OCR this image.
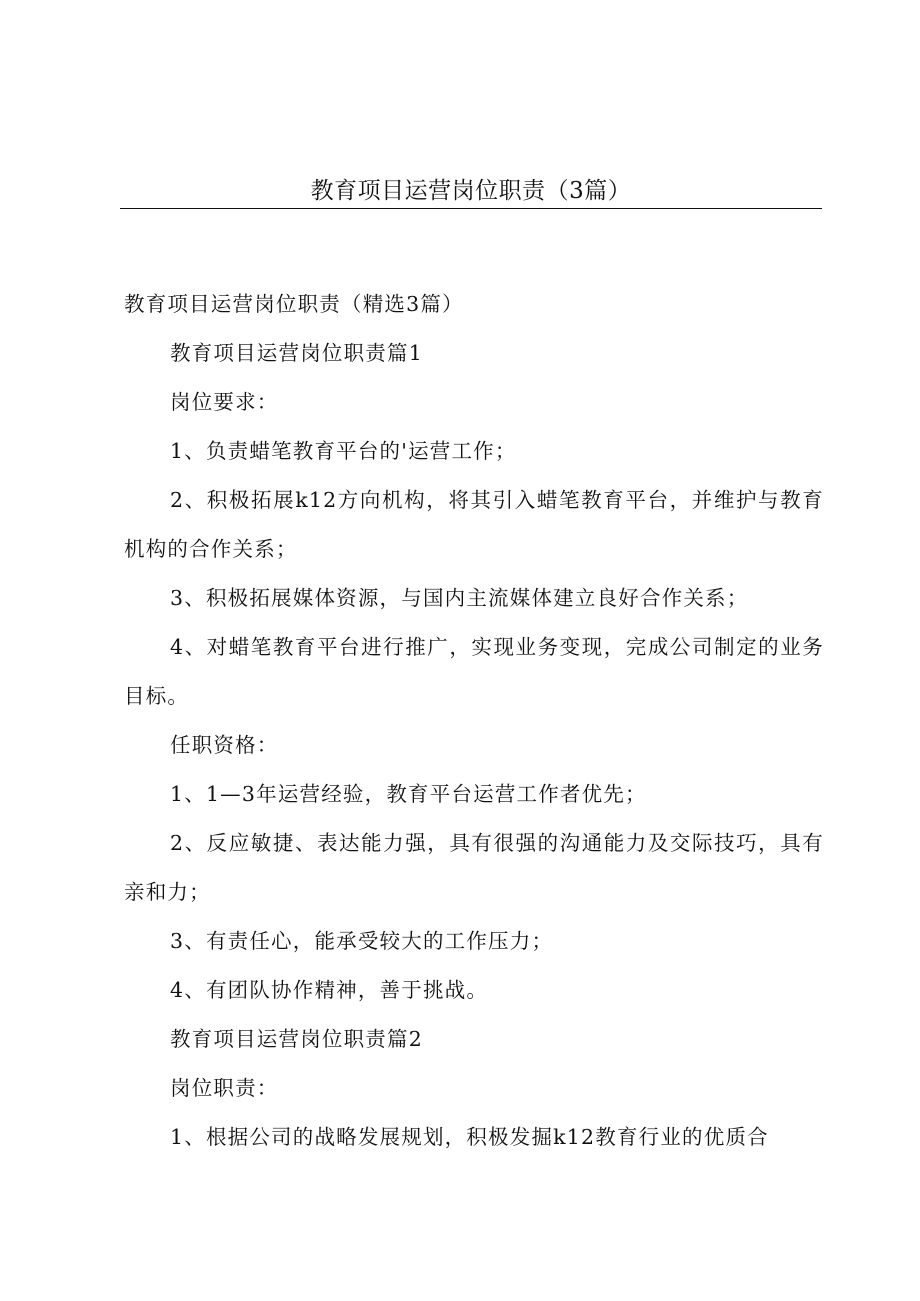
教育项目运营岗位职责（3篇）

教育项目运营岗位职责（精选3篇）

教育项目运营岗位职责篇1

岗位要求：

1、负责蜡笔教育平台的'运营工作；

2、积极拓展k12方向机构，将其引入蜡笔教育平台，并维护与教育机构的合作关系；

3、积极拓展媒体资源，与国内主流媒体建立良好合作关系；

4、对蜡笔教育平台进行推广，实现业务变现，完成公司制定的业务目标。

任职资格：

1、1—3年运营经验，教育平台运营工作者优先；

2、反应敏捷、表达能力强，具有很强的沟通能力及交际技巧，具有亲和力；

3、有责任心，能承受较大的工作压力；

4、有团队协作精神，善于挑战。

教育项目运营岗位职责篇2

岗位职责：

1、根据公司的战略发展规划，积极发掘k12教育行业的优质合
